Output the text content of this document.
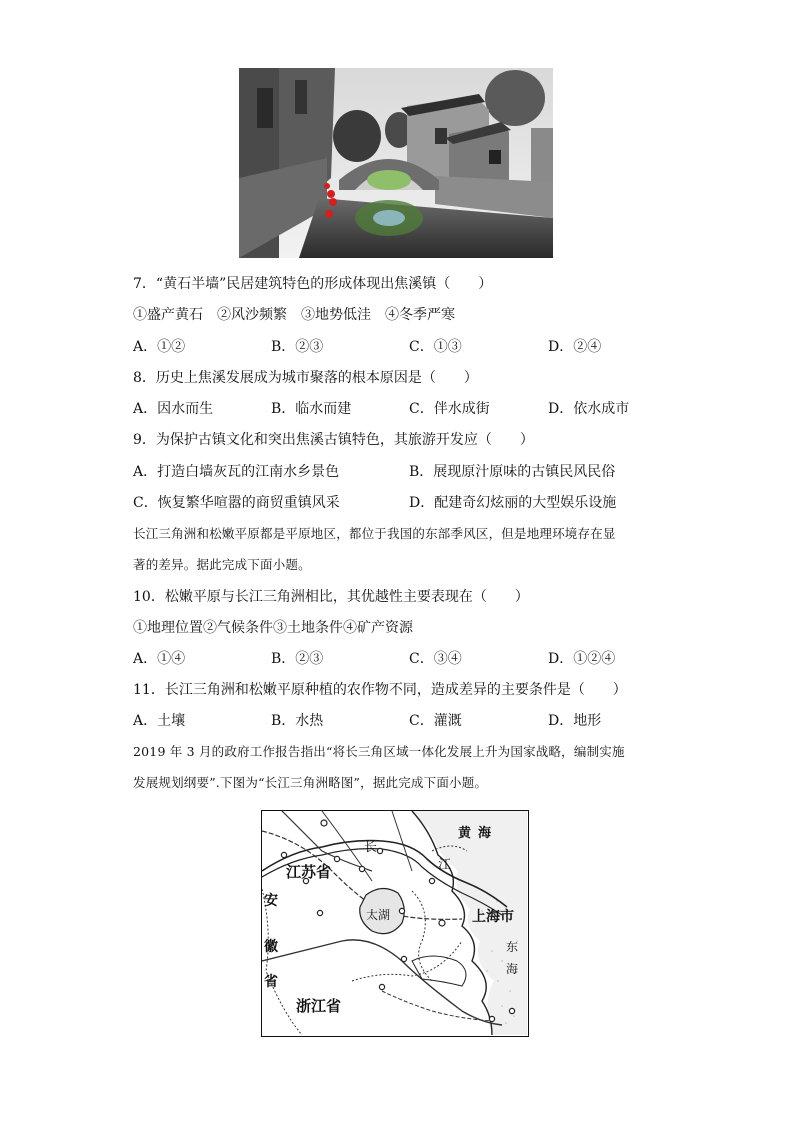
7．“黄石半墙”民居建筑特色的形成体现出焦溪镇（　　）
①盛产黄石　②风沙频繁　③地势低洼　④冬季严寒
A．①②	B．②③	C．①③	D．②④
8．历史上焦溪发展成为城市聚落的根本原因是（　　）
A．因水而生	B．临水而建	C．伴水成街	D．依水成市
9．为保护古镇文化和突出焦溪古镇特色，其旅游开发应（　　）
A．打造白墙灰瓦的江南水乡景色	B．展现原汁原味的古镇民风民俗
C．恢复繁华喧嚣的商贸重镇风采	D．配建奇幻炫丽的大型娱乐设施
长江三角洲和松嫩平原都是平原地区，都位于我国的东部季风区，但是地理环境存在显
著的差异。据此完成下面小题。
10．松嫩平原与长江三角洲相比，其优越性主要表现在（　　）
①地理位置②气候条件③土地条件④矿产资源
A．①④	B．②③	C．③④	D．①②④
11．长江三角洲和松嫩平原种植的农作物不同，造成差异的主要条件是（　　）
A．土壤	B．水热	C．灌溉	D．地形
2019 年 3 月的政府工作报告指出“将长三角区域一体化发展上升为国家战略，编制实施
发展规划纲要”.下图为“长江三角洲略图”，据此完成下面小题。
黄 海
长
江
江苏省
安
徽
省
太湖	上海市
东
海
浙江省
